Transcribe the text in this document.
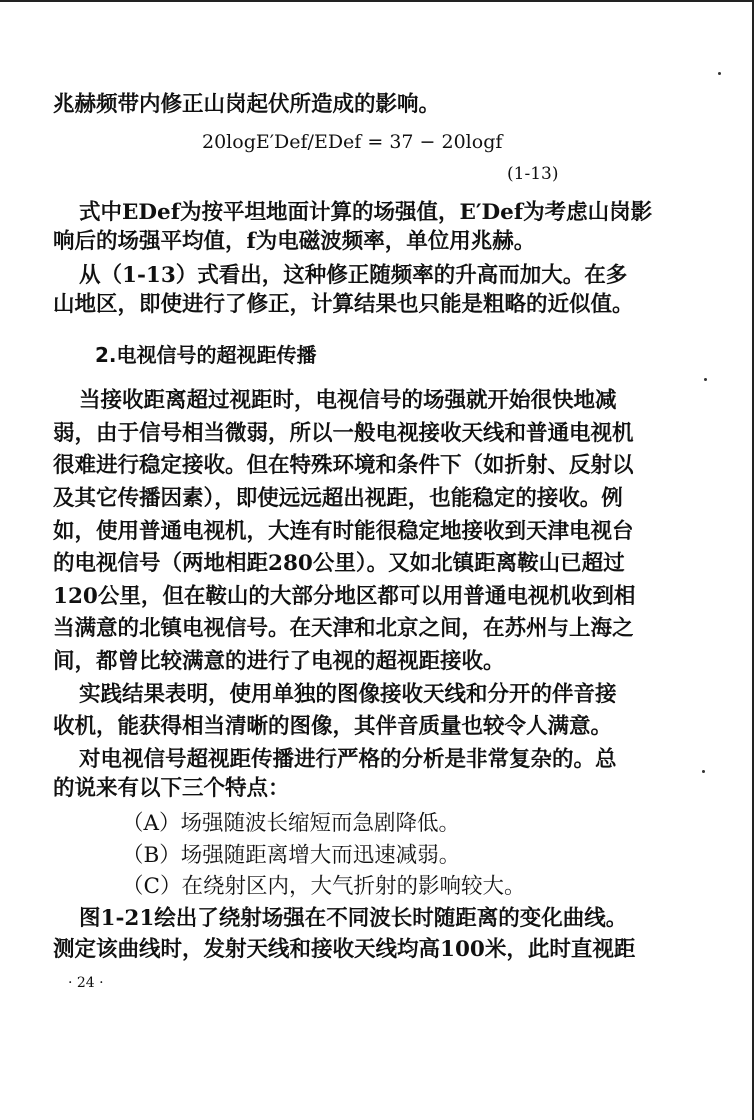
兆赫频带内修正山岗起伏所造成的影响。
20logE′Def/EDef = 37 − 20logf
(1-13)
式中EDef为按平坦地面计算的场强值，E′Def为考虑山岗影
响后的场强平均值，f为电磁波频率，单位用兆赫。
从（1-13）式看出，这种修正随频率的升高而加大。在多
山地区，即使进行了修正，计算结果也只能是粗略的近似值。
2.电视信号的超视距传播
当接收距离超过视距时，电视信号的场强就开始很快地减
弱，由于信号相当微弱，所以一般电视接收天线和普通电视机
很难进行稳定接收。但在特殊环境和条件下（如折射、反射以
及其它传播因素），即使远远超出视距，也能稳定的接收。例
如，使用普通电视机，大连有时能很稳定地接收到天津电视台
的电视信号（两地相距280公里）。又如北镇距离鞍山已超过
120公里，但在鞍山的大部分地区都可以用普通电视机收到相
当满意的北镇电视信号。在天津和北京之间，在苏州与上海之
间，都曾比较满意的进行了电视的超视距接收。
实践结果表明，使用单独的图像接收天线和分开的伴音接
收机，能获得相当清晰的图像，其伴音质量也较令人满意。
对电视信号超视距传播进行严格的分析是非常复杂的。总
的说来有以下三个特点：
（A）场强随波长缩短而急剧降低。
（B）场强随距离增大而迅速减弱。
（C）在绕射区内，大气折射的影响较大。
图1-21绘出了绕射场强在不同波长时随距离的变化曲线。
测定该曲线时，发射天线和接收天线均高100米，此时直视距
· 24 ·
